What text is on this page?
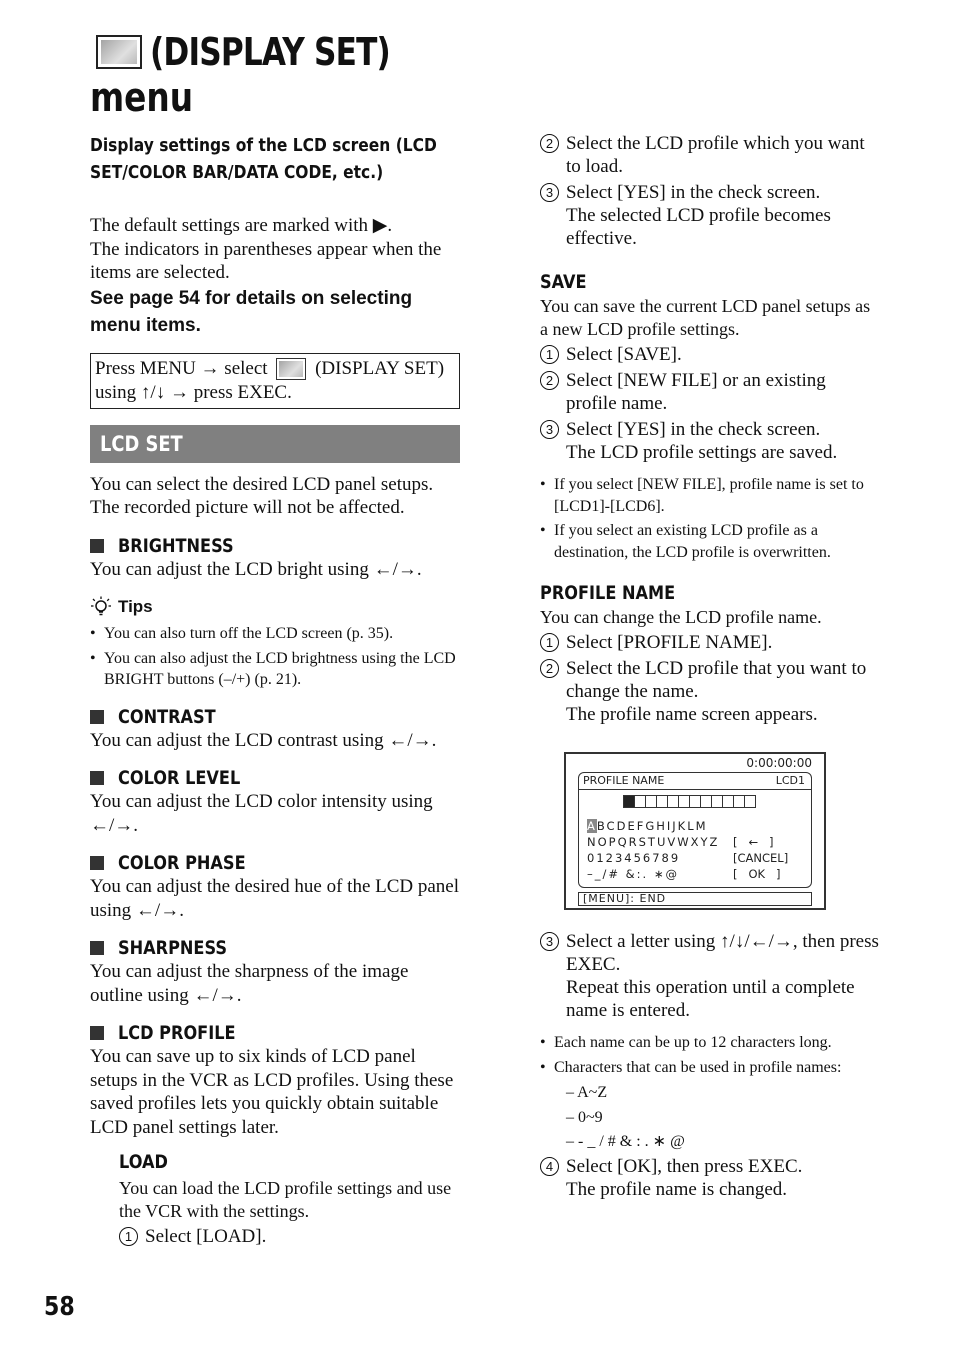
(DISPLAY SET)
menu
Display settings of the LCD screen (LCD SET/COLOR BAR/DATA CODE, etc.)

The default settings are marked with ▶.

The indicators in parentheses appear when the items are selected.

See page 54 for details on selecting menu items.
Press MENU → select	(DISPLAY SET) using ↑/↓ → press EXEC.
LCD SET

You can select the desired LCD panel setups. The recorded picture will not be affected.

BRIGHTNESS

You can adjust the LCD bright using ←/→.

Tips
• You can also turn off the LCD screen (p. 35).
• You can also adjust the LCD brightness using the LCD BRIGHT buttons (–/+) (p. 21).
CONTRAST

You can adjust the LCD contrast using ←/→.

COLOR LEVEL

You can adjust the LCD color intensity using ←/→.

COLOR PHASE

You can adjust the desired hue of the LCD panel using ←/→.

SHARPNESS

You can adjust the sharpness of the image outline using ←/→.

LCD PROFILE

You can save up to six kinds of LCD panel setups in the VCR as LCD profiles. Using these saved profiles lets you quickly obtain suitable LCD panel settings later.

LOAD

You can load the LCD profile settings and use the VCR with the settings.

1 Select [LOAD].
2 Select the LCD profile which you want to load.
3 Select [YES] in the check screen.
The selected LCD profile becomes effective.
SAVE

You can save the current LCD panel setups as a new LCD profile settings.

1 Select [SAVE].
2 Select [NEW FILE] or an existing profile name.
3 Select [YES] in the check screen.
The LCD profile settings are saved.
• If you select [NEW FILE], profile name is set to [LCD1]-[LCD6].
• If you select an existing LCD profile as a destination, the LCD profile is overwritten.
PROFILE NAME

You can change the LCD profile name.

1 Select [PROFILE NAME].
2 Select the LCD profile that you want to change the name.
The profile name screen appears.
0:00:00:00
PROFILE NAME	LCD1
ABCDEFGHIJKLM
NOPQRSTUVWXYZ
0123456789
–_/# &:. ∗@
[   ←   ]
[CANCEL]
[   OK   ]
[MENU]: END
3 Select a letter using ↑/↓/←/→, then press EXEC.
Repeat this operation until a complete name is entered.
• Each name can be up to 12 characters long.
• Characters that can be used in profile names:
– A~Z
– 0~9
– - _ / # & : . ∗ @
4 Select [OK], then press EXEC.
The profile name is changed.
58
